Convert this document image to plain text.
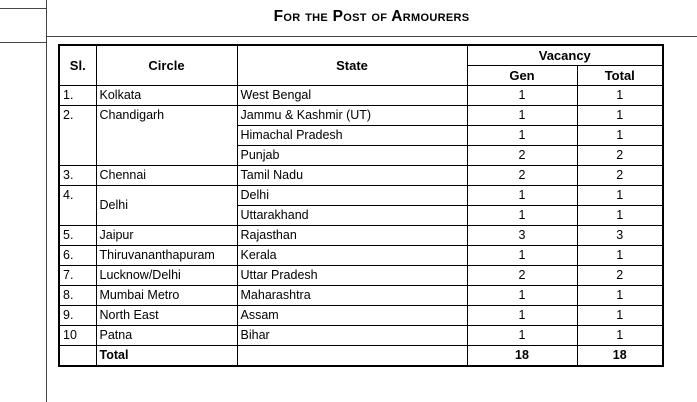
For the Post of Armourers
Sl.	Circle	State	Vacancy	
			Gen	Total
1.	Kolkata	West Bengal	1	1
2.	Chandigarh	Jammu & Kashmir (UT)	1	1
		Himachal Pradesh	1	1
		Punjab	2	2
3.	Chennai	Tamil Nadu	2	2
4.	Delhi	Delhi	1	1
		Uttarakhand	1	1
5.	Jaipur	Rajasthan	3	3
6.	Thiruvananthapuram	Kerala	1	1
7.	Lucknow/Delhi	Uttar Pradesh	2	2
8.	Mumbai Metro	Maharashtra	1	1
9.	North East	Assam	1	1
10	Patna	Bihar	1	1
	Total		18	18
